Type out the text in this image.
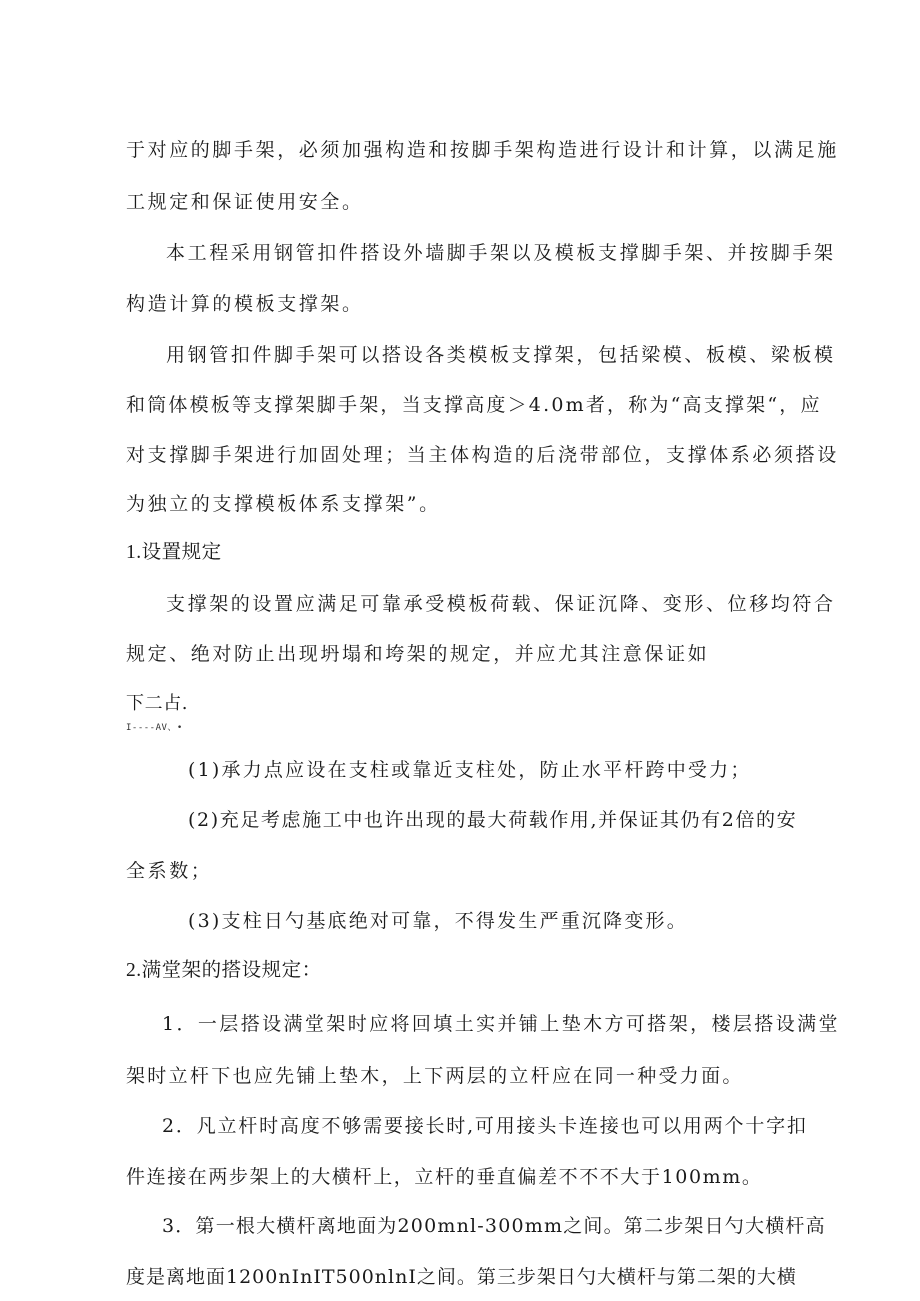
于对应的脚手架，必须加强构造和按脚手架构造进行设计和计算，以满足施

工规定和保证使用安全。

本工程采用钢管扣件搭设外墙脚手架以及模板支撑脚手架、并按脚手架

构造计算的模板支撑架。

用钢管扣件脚手架可以搭设各类模板支撑架，包括梁模、板模、梁板模

和筒体模板等支撑架脚手架，当支撑高度＞4.0m者，称为“高支撑架“，应

对支撑脚手架进行加固处理；当主体构造的后浇带部位，支撑体系必须搭设

为独立的支撑模板体系支撑架”。

1.设置规定

支撑架的设置应满足可靠承受模板荷载、保证沉降、变形、位移均符合

规定、绝对防止出现坍塌和垮架的规定，并应尤其注意保证如

下二占.

I----AV、•

(1)承力点应设在支柱或靠近支柱处，防止水平杆跨中受力；

(2)充足考虑施工中也许出现的最大荷载作用,并保证其仍有2倍的安

全系数；

(3)支柱日勺基底绝对可靠，不得发生严重沉降变形。

2.满堂架的搭设规定：

1．一层搭设满堂架时应将回填土实并铺上垫木方可搭架，楼层搭设满堂

架时立杆下也应先铺上垫木，上下两层的立杆应在同一种受力面。

2．凡立杆时高度不够需要接长时,可用接头卡连接也可以用两个十字扣

件连接在两步架上的大横杆上，立杆的垂直偏差不不不大于100mm。

3．第一根大横杆离地面为200mnl-300mm之间。第二步架日勺大横杆高

度是离地面1200nInIT500nlnI之间。第三步架日勺大横杆与第二架的大横
